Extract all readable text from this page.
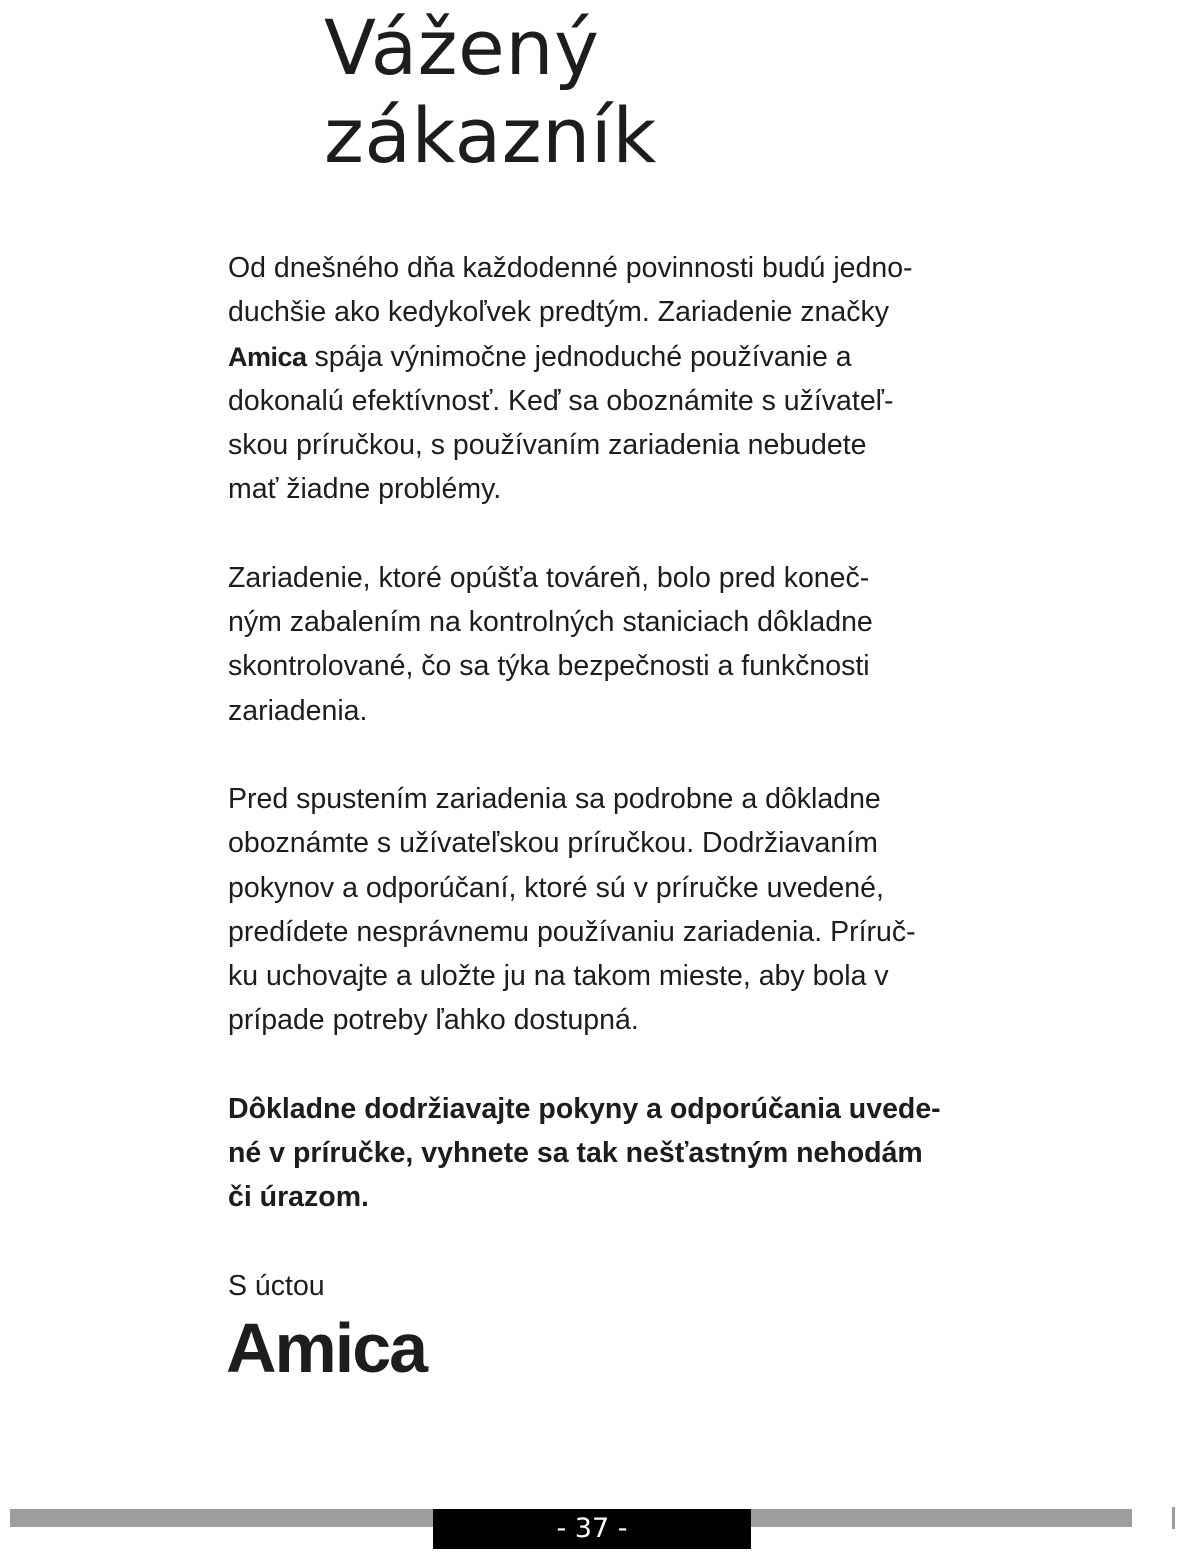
Vážený
zákazník

Od dnešného dňa každodenné povinnosti budú jedno-
duchšie ako kedykoľvek predtým. Zariadenie značky
Amica spája výnimočne jednoduché používanie a
dokonalú efektívnosť. Keď sa oboznámite s užívateľ-
skou príručkou, s používaním zariadenia nebudete
mať žiadne problémy.

Zariadenie, ktoré opúšťa továreň, bolo pred koneč-
ným zabalením na kontrolných staniciach dôkladne
skontrolované, čo sa týka bezpečnosti a funkčnosti
zariadenia.

Pred spustením zariadenia sa podrobne a dôkladne
oboznámte s užívateľskou príručkou. Dodržiavaním
pokynov a odporúčaní, ktoré sú v príručke uvedené,
predídete nesprávnemu používaniu zariadenia. Príruč-
ku uchovajte a uložte ju na takom mieste, aby bola v
prípade potreby ľahko dostupná.

Dôkladne dodržiavajte pokyny a odporúčania uvede-
né v príručke, vyhnete sa tak nešťastným nehodám
či úrazom.

S úctou

Amica
- 37 -
